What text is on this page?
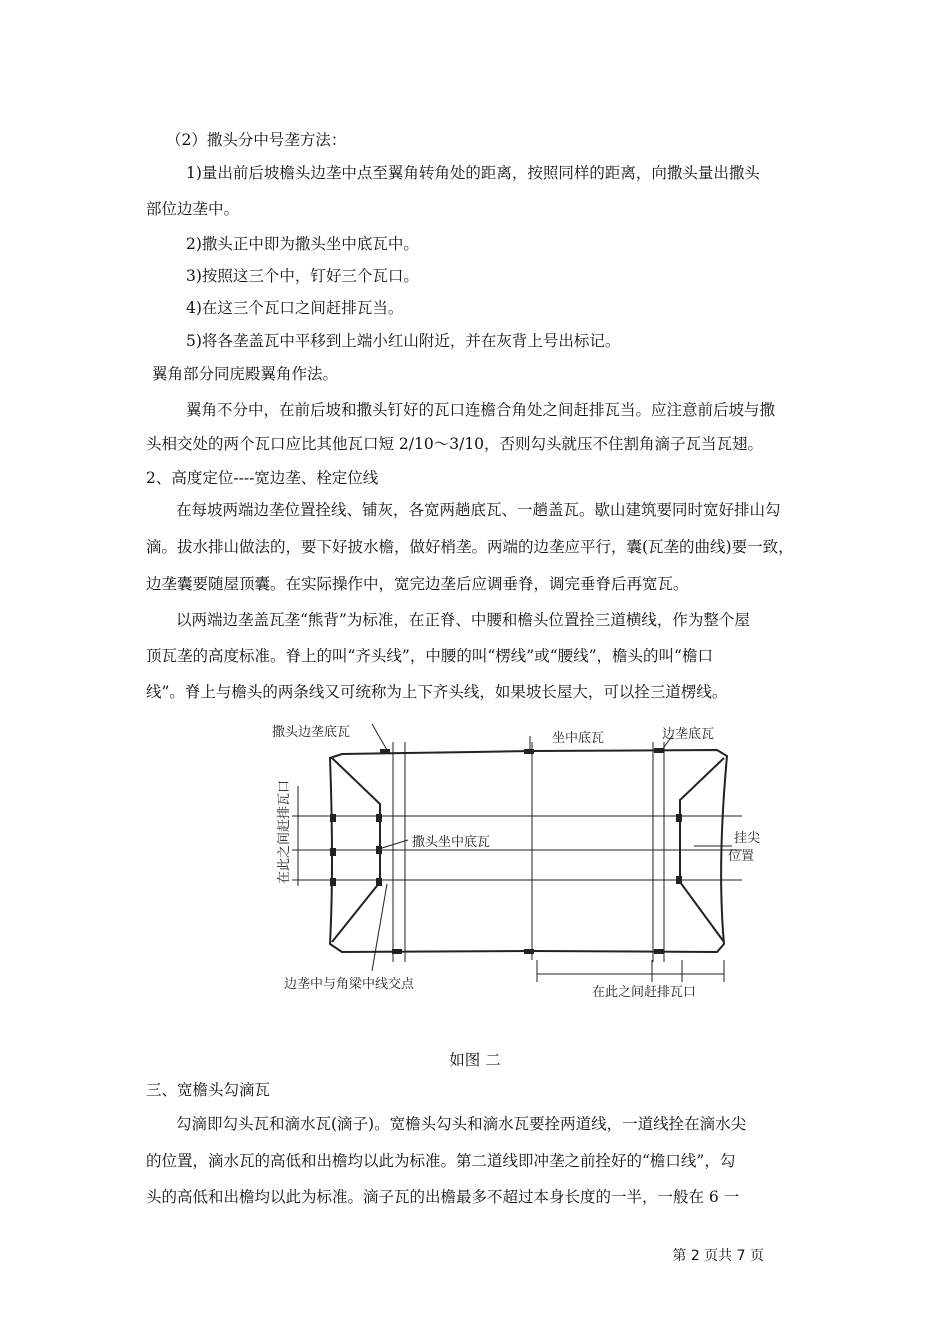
（2）撒头分中号垄方法：
1)量出前后坡檐头边垄中点至翼角转角处的距离，按照同样的距离，向撒头量出撒头
部位边垄中。
2)撒头正中即为撒头坐中底瓦中。
3)按照这三个中，钉好三个瓦口。
4)在这三个瓦口之间赶排瓦当。
5)将各垄盖瓦中平移到上端小红山附近，并在灰背上号出标记。
翼角部分同庑殿翼角作法。
翼角不分中，在前后坡和撒头钉好的瓦口连檐合角处之间赶排瓦当。应注意前后坡与撒
头相交处的两个瓦口应比其他瓦口短 2/10～3/10，否则勾头就压不住割角滴子瓦当瓦翅。
2、高度定位----宽边垄、栓定位线
在每坡两端边垄位置拴线、铺灰，各宽两趟底瓦、一趟盖瓦。歇山建筑要同时宽好排山勾
滴。拔水排山做法的，要下好披水檐，做好梢垄。两端的边垄应平行，囊(瓦垄的曲线)要一致，
边垄囊要随屋顶囊。在实际操作中，宽完边垄后应调垂脊，调完垂脊后再宽瓦。
以两端边垄盖瓦垄“熊背”为标准，在正脊、中腰和檐头位置拴三道横线，作为整个屋
顶瓦垄的高度标准。脊上的叫“齐头线”，中腰的叫“楞线”或“腰线”，檐头的叫“檐口
线”。脊上与檐头的两条线又可统称为上下齐头线，如果坡长屋大，可以拴三道楞线。
撒头边垄底瓦	坐中底瓦	边垄底瓦
在此之间赶排瓦口	撒头坐中底瓦	挂尖
位置
边垄中与角梁中线交点
在此之间赶排瓦口
如图 二
三、宽檐头勾滴瓦
勾滴即勾头瓦和滴水瓦(滴子)。宽檐头勾头和滴水瓦要拴两道线，一道线拴在滴水尖
的位置，滴水瓦的高低和出檐均以此为标准。第二道线即冲垄之前拴好的“檐口线”，勾
头的高低和出檐均以此为标准。滴子瓦的出檐最多不超过本身长度的一半，一般在 6 一
第 2 页共 7 页
